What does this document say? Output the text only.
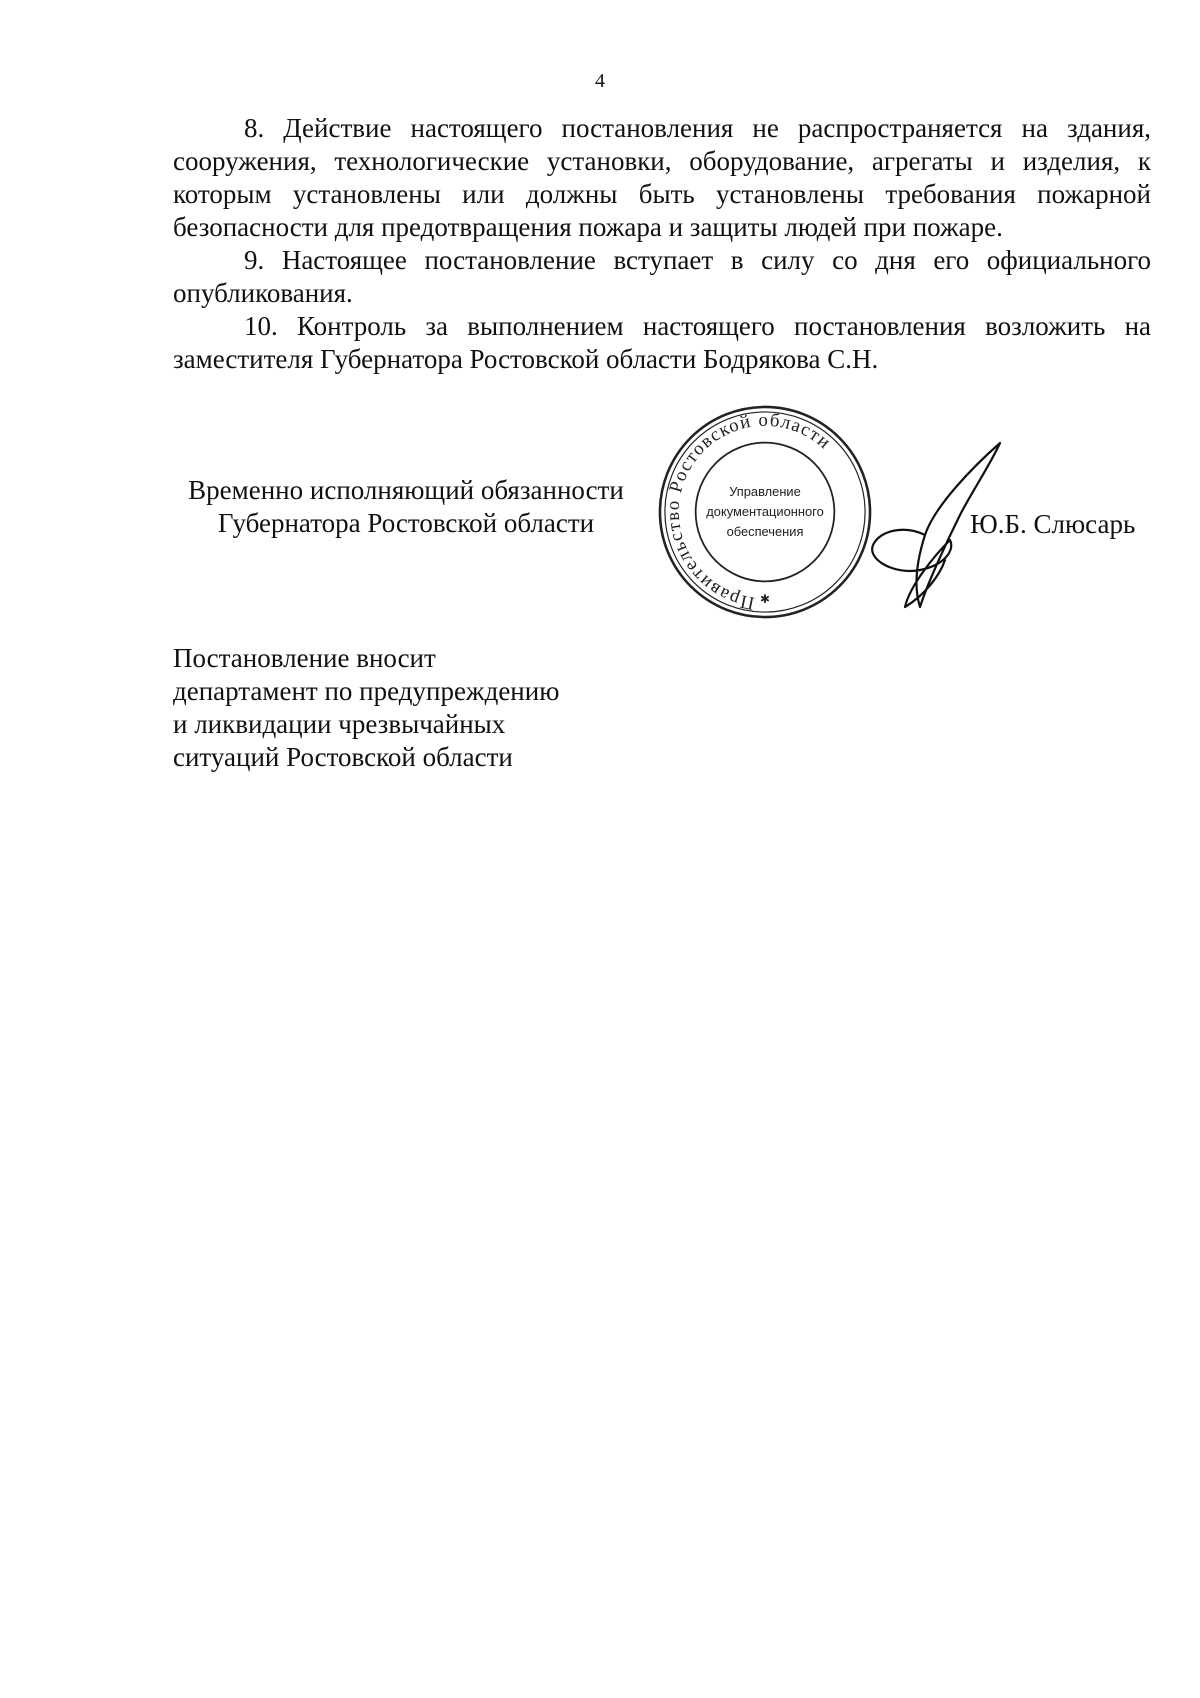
4

8. Действие настоящего постановления не распространяется на здания, сооружения, технологические установки, оборудование, агрегаты и изделия, к которым установлены или должны быть установлены требования пожарной безопасности для предотвращения пожара и защиты людей при пожаре.

9. Настоящее постановление вступает в силу со дня его официального опубликования.

10. Контроль за выполнением настоящего постановления возложить на заместителя Губернатора Ростовской области Бодрякова С.Н.

Временно исполняющий обязанности
Губернатора Ростовской области
Правительство Ростовской области
Управление
документационного
обеспечения
✱
Ю.Б. Слюсарь
Постановление вносит
департамент по предупреждению
и ликвидации чрезвычайных
ситуаций Ростовской области
